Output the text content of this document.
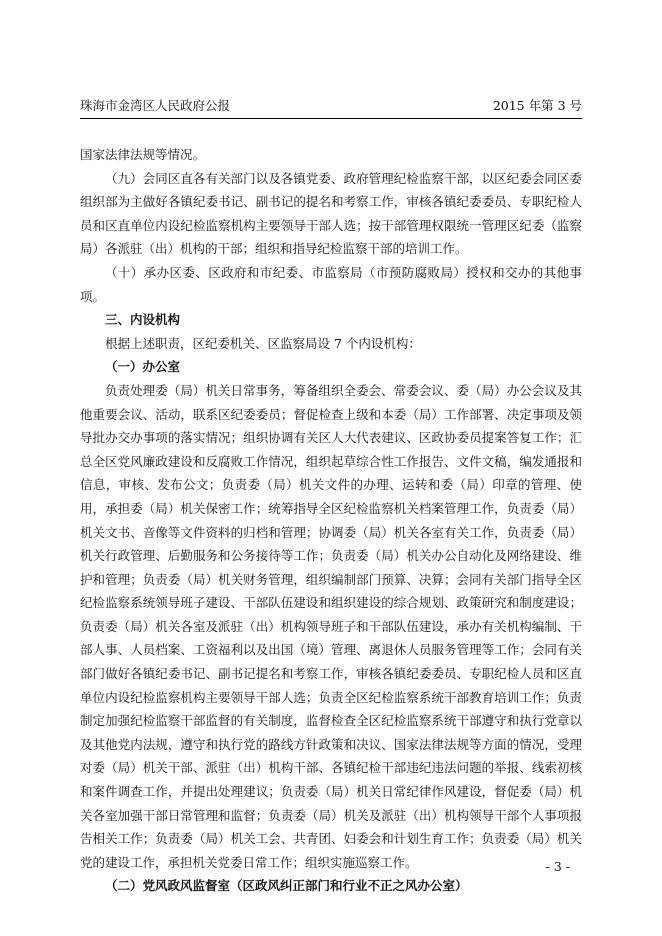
珠海市金湾区人民政府公报	2015 年第 3 号

国家法律法规等情况。

（九）会同区直各有关部门以及各镇党委、政府管理纪检监察干部，以区纪委会同区委组织部为主做好各镇纪委书记、副书记的提名和考察工作，审核各镇纪委委员、专职纪检人员和区直单位内设纪检监察机构主要领导干部人选；按干部管理权限统一管理区纪委（监察局）各派驻（出）机构的干部；组织和指导纪检监察干部的培训工作。

（十）承办区委、区政府和市纪委、市监察局（市预防腐败局）授权和交办的其他事项。

三、内设机构

根据上述职责，区纪委机关、区监察局设 7 个内设机构：

（一）办公室

负责处理委（局）机关日常事务，筹备组织全委会、常委会议、委（局）办公会议及其他重要会议、活动，联系区纪委委员；督促检查上级和本委（局）工作部署、决定事项及领导批办交办事项的落实情况；组织协调有关区人大代表建议、区政协委员提案答复工作；汇总全区党风廉政建设和反腐败工作情况，组织起草综合性工作报告、文件文稿，编发通报和信息，审核、发布公文；负责委（局）机关文件的办理、运转和委（局）印章的管理、使用，承担委（局）机关保密工作；统筹指导全区纪检监察机关档案管理工作，负责委（局）机关文书、音像等文件资料的归档和管理；协调委（局）机关各室有关工作，负责委（局）机关行政管理、后勤服务和公务接待等工作；负责委（局）机关办公自动化及网络建设、维护和管理；负责委（局）机关财务管理，组织编制部门预算、决算；会同有关部门指导全区纪检监察系统领导班子建设、干部队伍建设和组织建设的综合规划、政策研究和制度建设；负责委（局）机关各室及派驻（出）机构领导班子和干部队伍建设，承办有关机构编制、干部人事、人员档案、工资福利以及出国（境）管理、离退休人员服务管理等工作；会同有关部门做好各镇纪委书记、副书记提名和考察工作，审核各镇纪委委员、专职纪检人员和区直单位内设纪检监察机构主要领导干部人选；负责全区纪检监察系统干部教育培训工作；负责制定加强纪检监察干部监督的有关制度，监督检查全区纪检监察系统干部遵守和执行党章以及其他党内法规，遵守和执行党的路线方针政策和决议、国家法律法规等方面的情况，受理对委（局）机关干部、派驻（出）机构干部、各镇纪检干部违纪违法问题的举报、线索初核和案件调查工作，并提出处理建议；负责委（局）机关日常纪律作风建设，督促委（局）机关各室加强干部日常管理和监督；负责委（局）机关及派驻（出）机构领导干部个人事项报告相关工作；负责委（局）机关工会、共青团、妇委会和计划生育工作；负责委（局）机关党的建设工作，承担机关党委日常工作；组织实施巡察工作。

（二）党风政风监督室（区政风纠正部门和行业不正之风办公室）

- 3 -
